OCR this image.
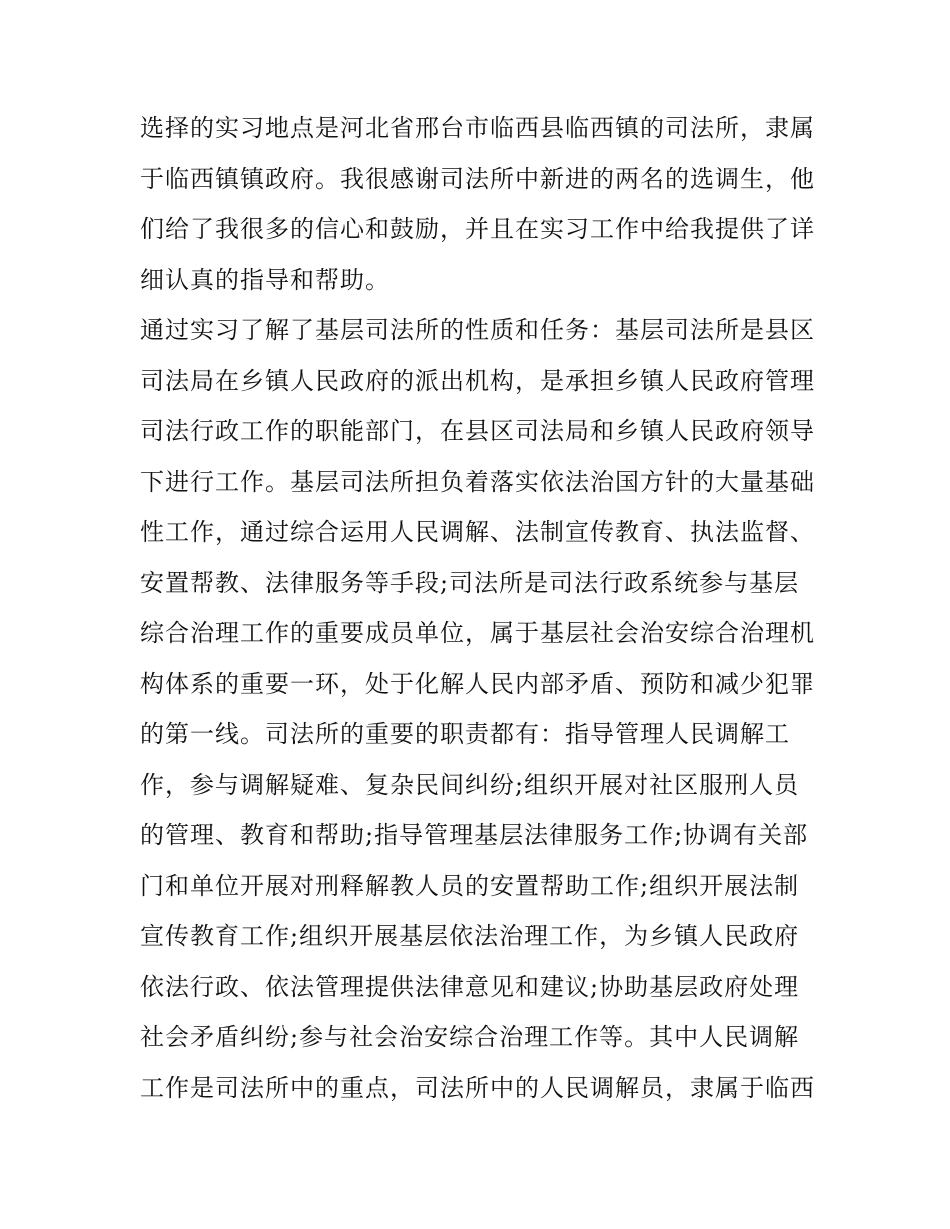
选择的实习地点是河北省邢台市临西县临西镇的司法所，隶属
于临西镇镇政府。我很感谢司法所中新进的两名的选调生，他
们给了我很多的信心和鼓励，并且在实习工作中给我提供了详
细认真的指导和帮助。
通过实习了解了基层司法所的性质和任务：基层司法所是县区
司法局在乡镇人民政府的派出机构，是承担乡镇人民政府管理
司法行政工作的职能部门，在县区司法局和乡镇人民政府领导
下进行工作。基层司法所担负着落实依法治国方针的大量基础
性工作，通过综合运用人民调解、法制宣传教育、执法监督、
安置帮教、法律服务等手段;司法所是司法行政系统参与基层
综合治理工作的重要成员单位，属于基层社会治安综合治理机
构体系的重要一环，处于化解人民内部矛盾、预防和减少犯罪
的第一线。司法所的重要的职责都有：指导管理人民调解工
作，参与调解疑难、复杂民间纠纷;组织开展对社区服刑人员
的管理、教育和帮助;指导管理基层法律服务工作;协调有关部
门和单位开展对刑释解教人员的安置帮助工作;组织开展法制
宣传教育工作;组织开展基层依法治理工作，为乡镇人民政府
依法行政、依法管理提供法律意见和建议;协助基层政府处理
社会矛盾纠纷;参与社会治安综合治理工作等。其中人民调解
工作是司法所中的重点，司法所中的人民调解员，隶属于临西
